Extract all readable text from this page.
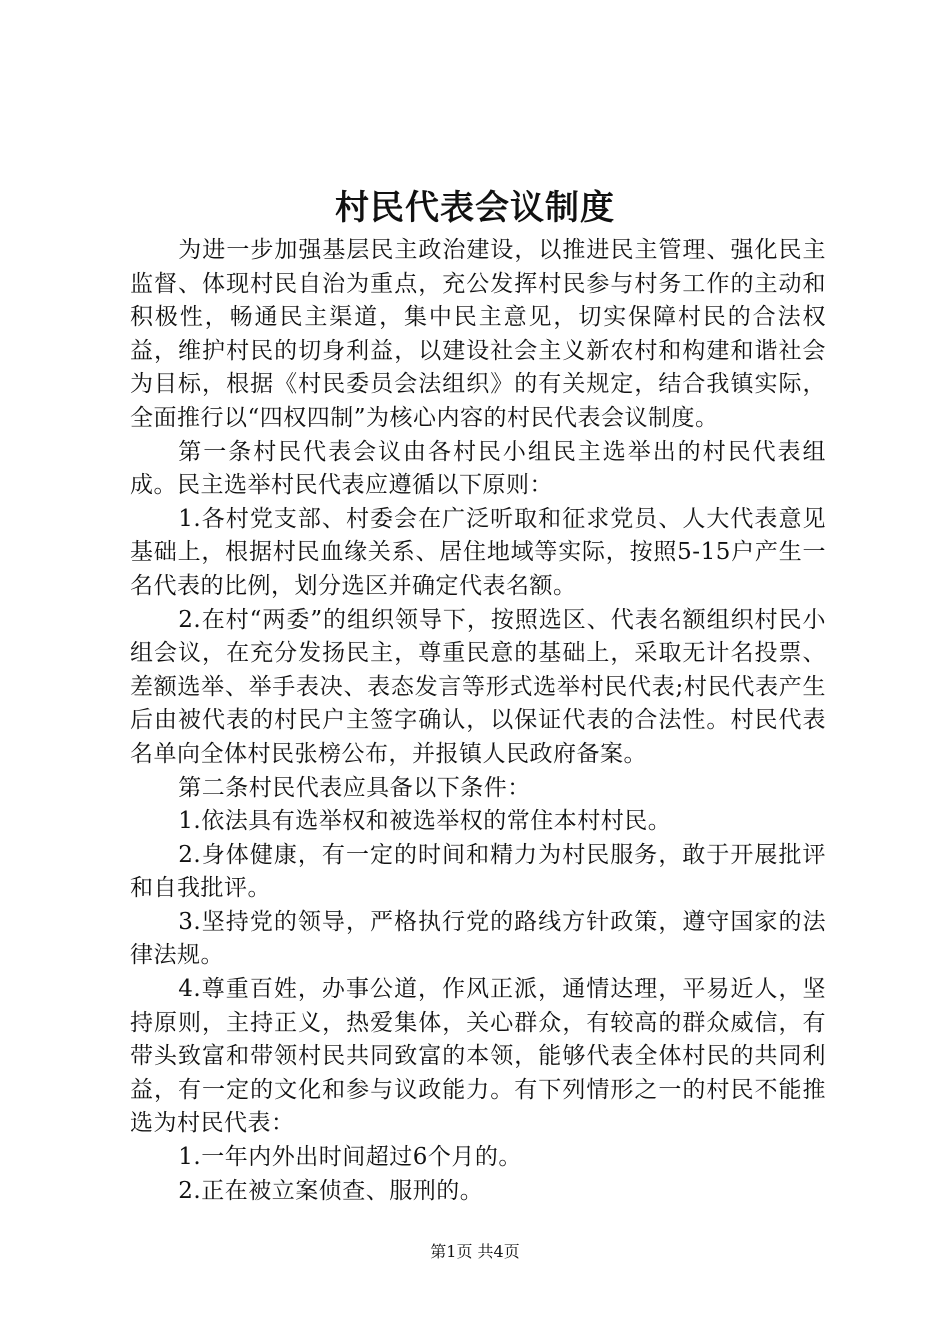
村民代表会议制度

为进一步加强基层民主政治建设，以推进民主管理、强化民主监督、体现村民自治为重点，充公发挥村民参与村务工作的主动和积极性，畅通民主渠道，集中民主意见，切实保障村民的合法权益，维护村民的切身利益，以建设社会主义新农村和构建和谐社会为目标，根据《村民委员会法组织》的有关规定，结合我镇实际，全面推行以“四权四制”为核心内容的村民代表会议制度。

第一条村民代表会议由各村民小组民主选举出的村民代表组成。民主选举村民代表应遵循以下原则：

1.各村党支部、村委会在广泛听取和征求党员、人大代表意见基础上，根据村民血缘关系、居住地域等实际，按照5-15户产生一名代表的比例，划分选区并确定代表名额。

2.在村“两委”的组织领导下，按照选区、代表名额组织村民小组会议，在充分发扬民主，尊重民意的基础上，采取无计名投票、差额选举、举手表决、表态发言等形式选举村民代表;村民代表产生后由被代表的村民户主签字确认，以保证代表的合法性。村民代表名单向全体村民张榜公布，并报镇人民政府备案。

第二条村民代表应具备以下条件：

1.依法具有选举权和被选举权的常住本村村民。

2.身体健康，有一定的时间和精力为村民服务，敢于开展批评和自我批评。

3.坚持党的领导，严格执行党的路线方针政策，遵守国家的法律法规。

4.尊重百姓，办事公道，作风正派，通情达理，平易近人，坚持原则，主持正义，热爱集体，关心群众，有较高的群众威信，有带头致富和带领村民共同致富的本领，能够代表全体村民的共同利益，有一定的文化和参与议政能力。有下列情形之一的村民不能推选为村民代表：

1.一年内外出时间超过6个月的。

2.正在被立案侦查、服刑的。

第1页 共4页
